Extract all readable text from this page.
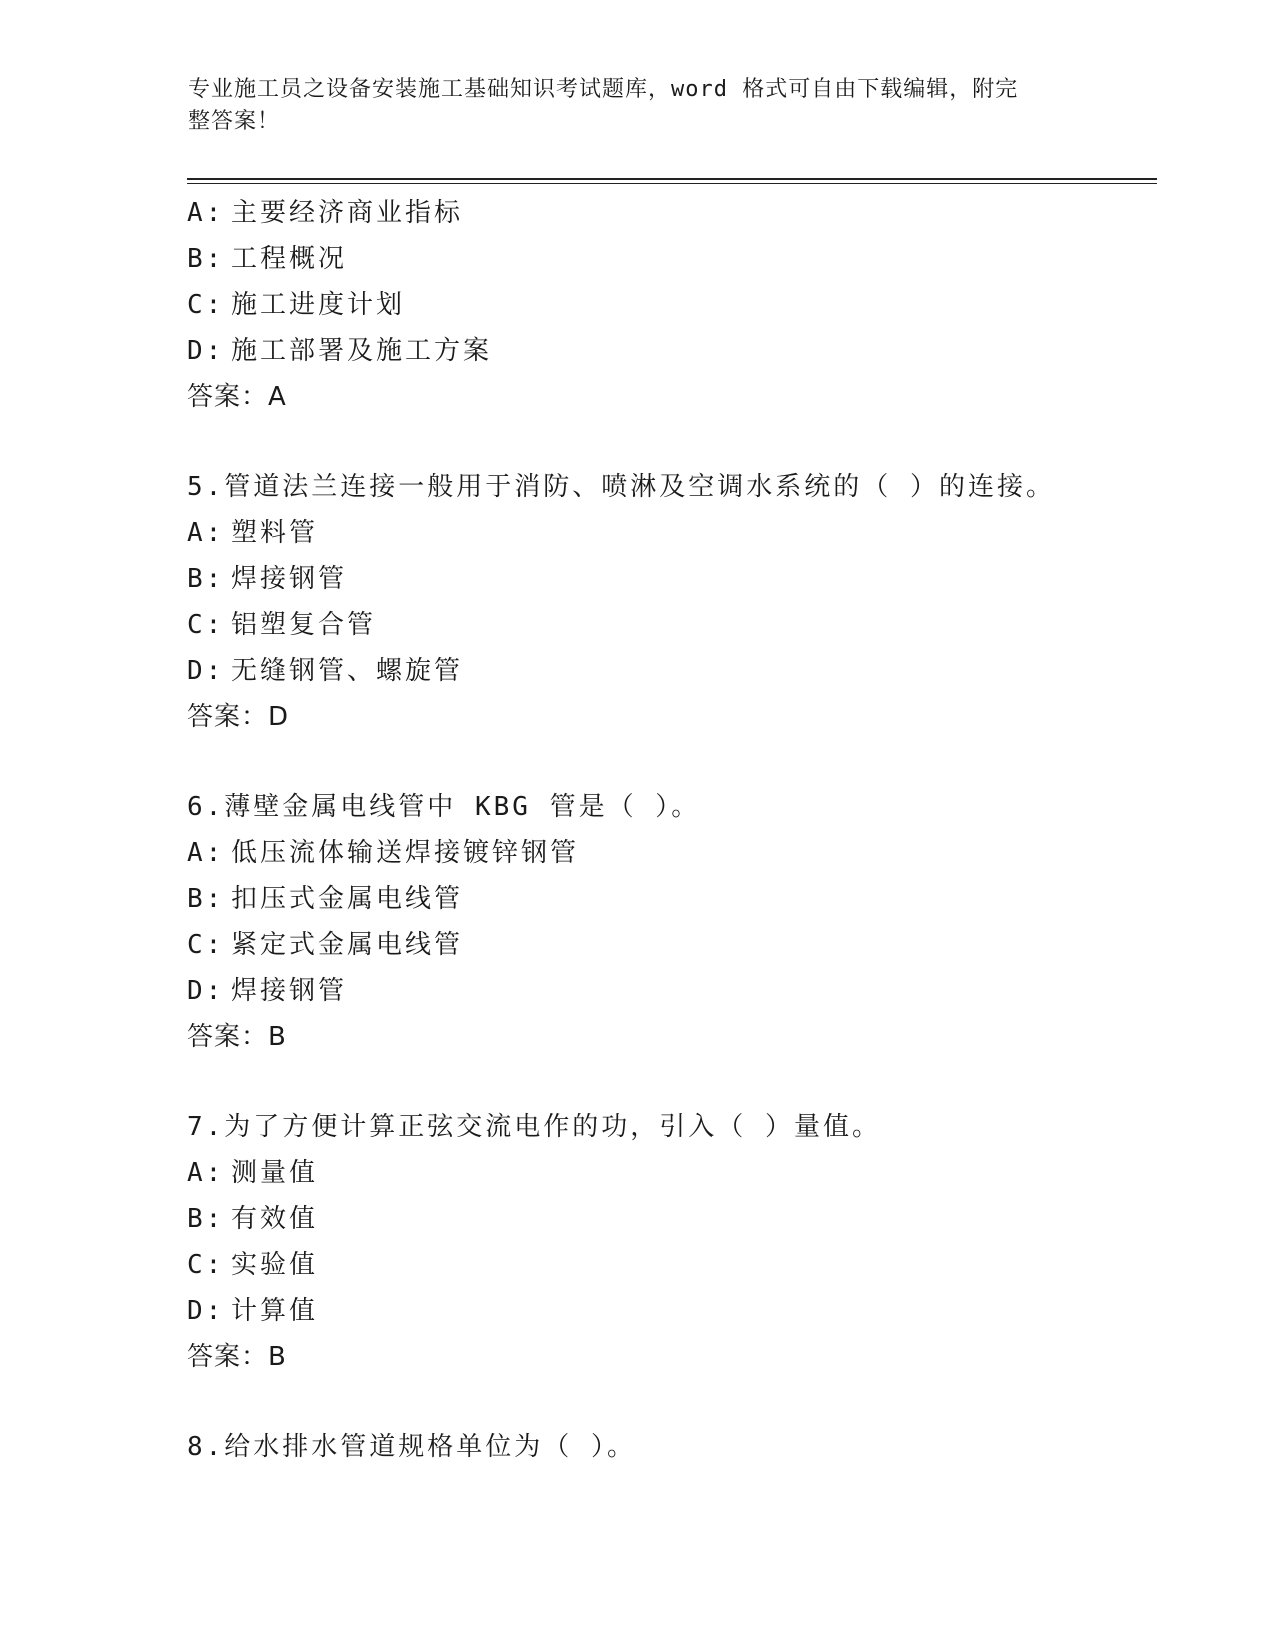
专业施工员之设备安装施工基础知识考试题库，word 格式可自由下载编辑，附完
整答案！
A: 主要经济商业指标
B: 工程概况
C: 施工进度计划
D: 施工部署及施工方案
答案：A
5.管道法兰连接一般用于消防、喷淋及空调水系统的（ ）的连接。
A: 塑料管
B: 焊接钢管
C: 铝塑复合管
D: 无缝钢管、螺旋管
答案：D
6.薄壁金属电线管中 KBG 管是（ ）。
A: 低压流体输送焊接镀锌钢管
B: 扣压式金属电线管
C: 紧定式金属电线管
D: 焊接钢管
答案：B
7.为了方便计算正弦交流电作的功，引入（ ）量值。
A: 测量值
B: 有效值
C: 实验值
D: 计算值
答案：B
8.给水排水管道规格单位为（ ）。
